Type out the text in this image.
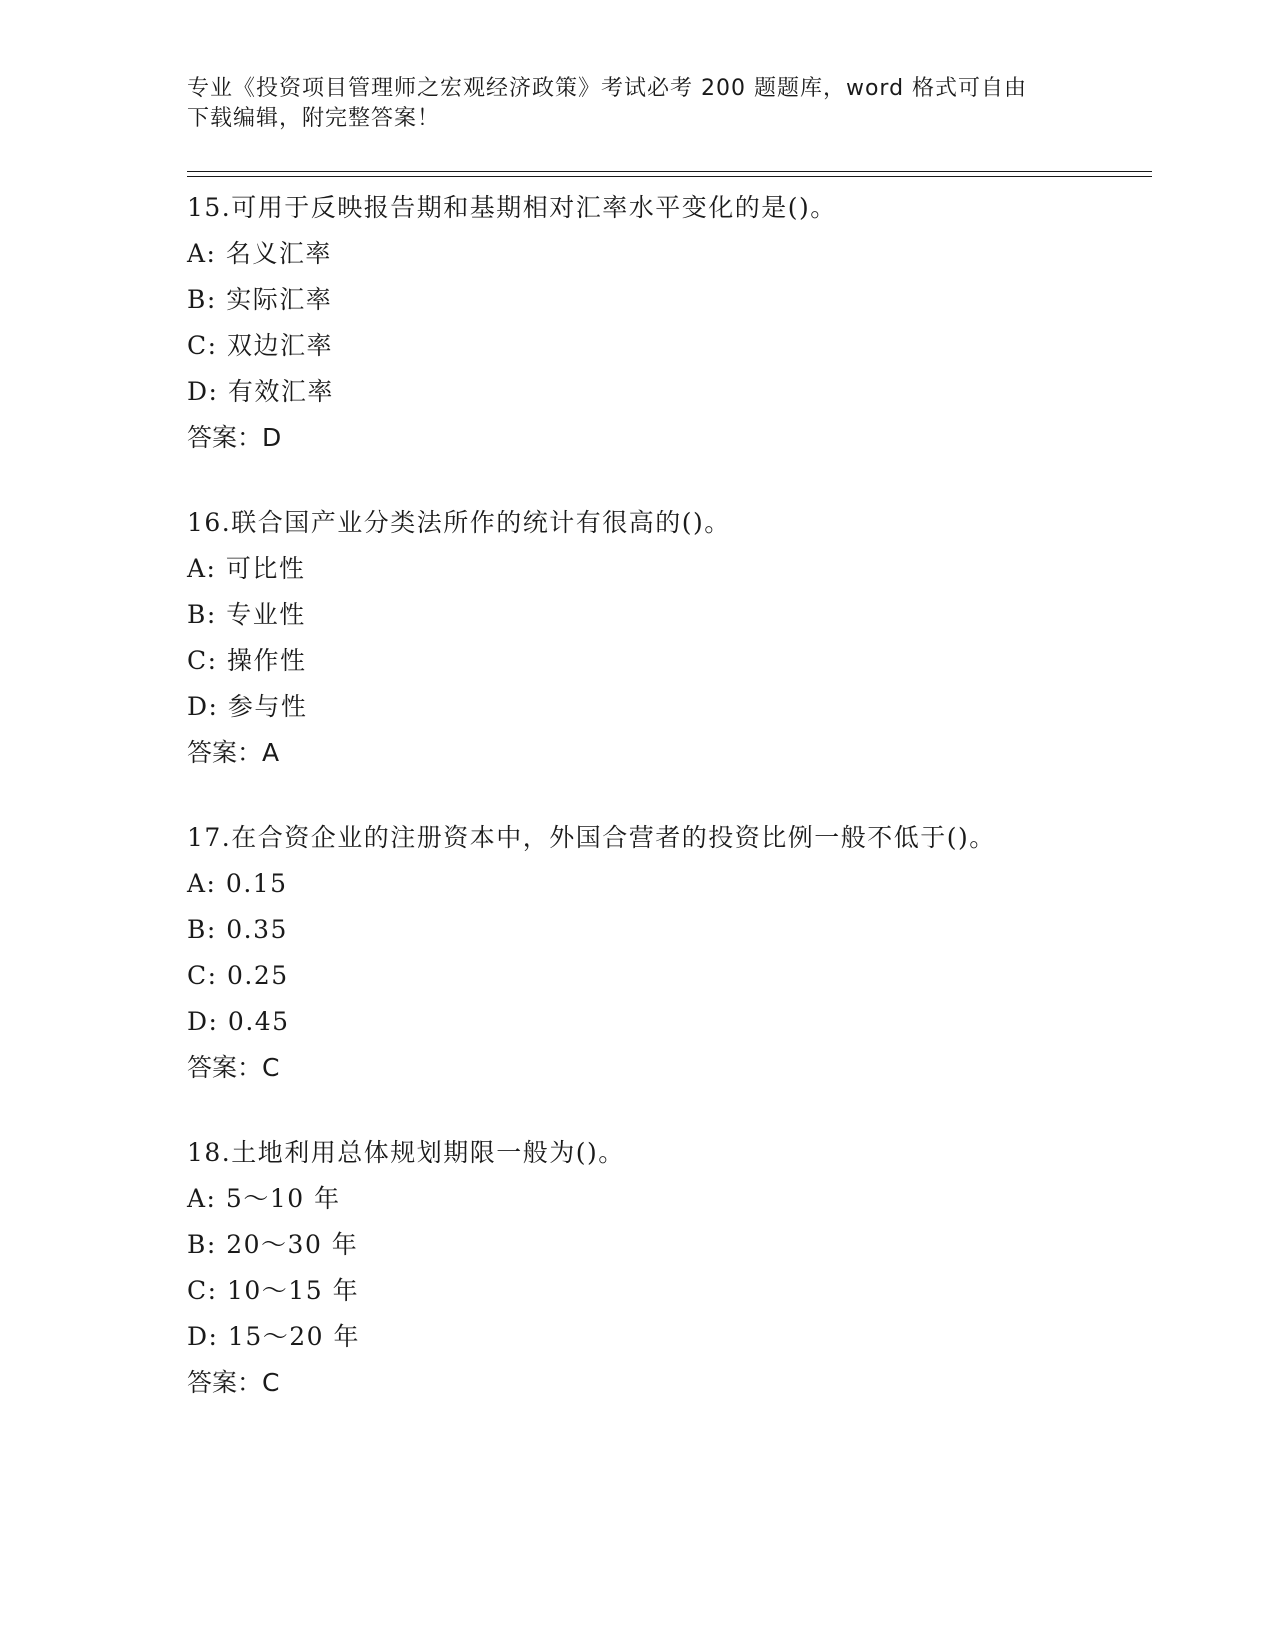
专业《投资项目管理师之宏观经济政策》考试必考 200 题题库，word 格式可自由
下载编辑，附完整答案！
15.可用于反映报告期和基期相对汇率水平变化的是()。
A: 名义汇率
B: 实际汇率
C: 双边汇率
D: 有效汇率
答案：D
16.联合国产业分类法所作的统计有很高的()。
A: 可比性
B: 专业性
C: 操作性
D: 参与性
答案：A
17.在合资企业的注册资本中，外国合营者的投资比例一般不低于()。
A: 0.15
B: 0.35
C: 0.25
D: 0.45
答案：C
18.土地利用总体规划期限一般为()。
A: 5～10 年
B: 20～30 年
C: 10～15 年
D: 15～20 年
答案：C
